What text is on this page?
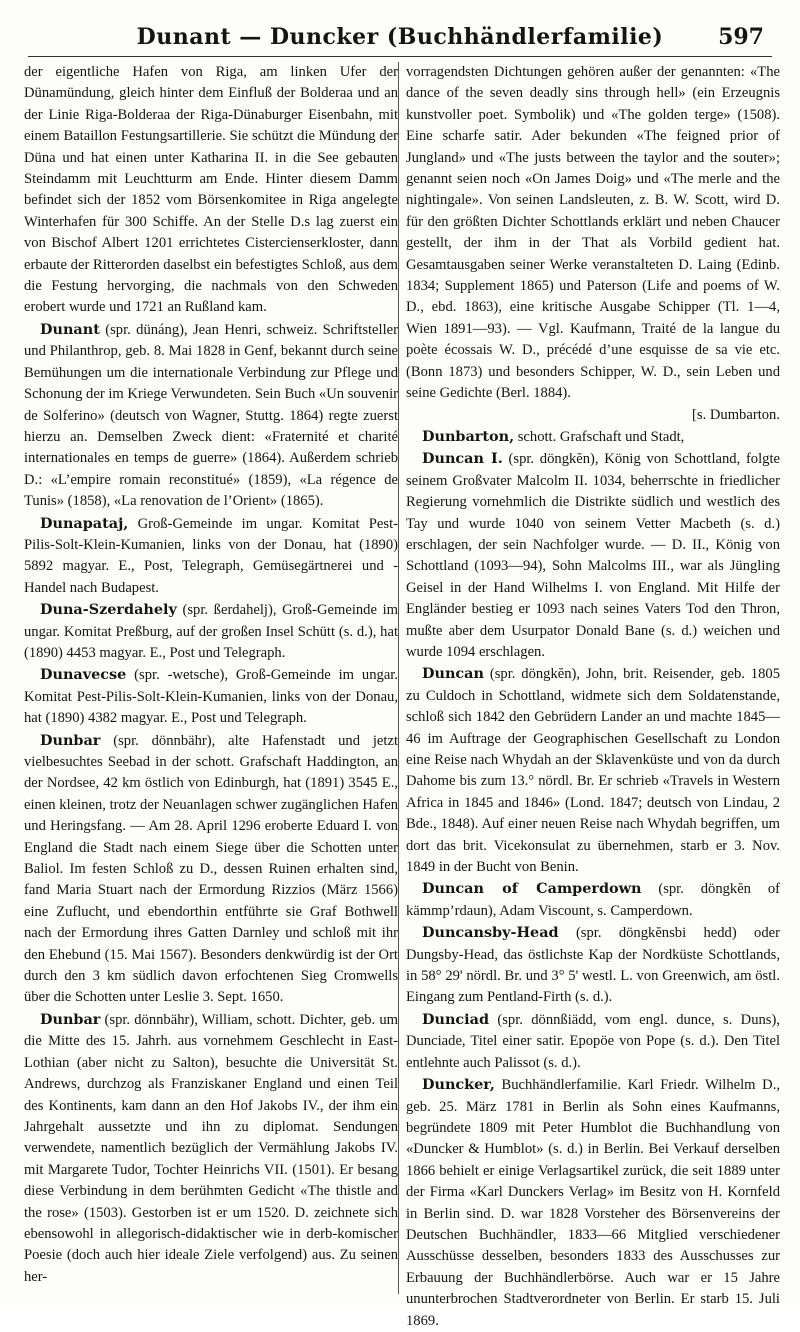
Dunant — Duncker (Buchhändlerfamilie)	597

der eigentliche Hafen von Riga, am linken Ufer der Dünamündung, gleich hinter dem Einfluß der Bolderaa und an der Linie Riga-Bolderaa der Riga-Dünaburger Eisenbahn, mit einem Bataillon Festungsartillerie. Sie schützt die Mündung der Düna und hat einen unter Katharina II. in die See gebauten Steindamm mit Leuchtturm am Ende. Hinter diesem Damm befindet sich der 1852 vom Börsenkomitee in Riga angelegte Winterhafen für 300 Schiffe. An der Stelle D.s lag zuerst ein von Bischof Albert 1201 errichtetes Cistercienserkloster, dann erbaute der Ritterorden daselbst ein befestigtes Schloß, aus dem die Festung hervorging, die nachmals von den Schweden erobert wurde und 1721 an Rußland kam.

Dunant (spr. dünáng), Jean Henri, schweiz. Schriftsteller und Philanthrop, geb. 8. Mai 1828 in Genf, bekannt durch seine Bemühungen um die internationale Verbindung zur Pflege und Schonung der im Kriege Verwundeten. Sein Buch «Un souvenir de Solferino» (deutsch von Wagner, Stuttg. 1864) regte zuerst hierzu an. Demselben Zweck dient: «Fraternité et charité internationales en temps de guerre» (1864). Außerdem schrieb D.: «L’empire romain reconstitué» (1859), «La régence de Tunis» (1858), «La renovation de l’Orient» (1865).

Dunapataj, Groß-Gemeinde im ungar. Komitat Pest-Pilis-Solt-Klein-Kumanien, links von der Donau, hat (1890) 5892 magyar. E., Post, Telegraph, Gemüsegärtnerei und -Handel nach Budapest.

Duna-Szerdahely (spr. ßerdahelj), Groß-Gemeinde im ungar. Komitat Preßburg, auf der großen Insel Schütt (s. d.), hat (1890) 4453 magyar. E., Post und Telegraph.

Dunavecse (spr. -wetsche), Groß-Gemeinde im ungar. Komitat Pest-Pilis-Solt-Klein-Kumanien, links von der Donau, hat (1890) 4382 magyar. E., Post und Telegraph.

Dunbar (spr. dönnbähr), alte Hafenstadt und jetzt vielbesuchtes Seebad in der schott. Grafschaft Haddington, an der Nordsee, 42 km östlich von Edinburgh, hat (1891) 3545 E., einen kleinen, trotz der Neuanlagen schwer zugänglichen Hafen und Heringsfang. — Am 28. April 1296 eroberte Eduard I. von England die Stadt nach einem Siege über die Schotten unter Baliol. Im festen Schloß zu D., dessen Ruinen erhalten sind, fand Maria Stuart nach der Ermordung Rizzios (März 1566) eine Zuflucht, und ebendorthin entführte sie Graf Bothwell nach der Ermordung ihres Gatten Darnley und schloß mit ihr den Ehebund (15. Mai 1567). Besonders denkwürdig ist der Ort durch den 3 km südlich davon erfochtenen Sieg Cromwells über die Schotten unter Leslie 3. Sept. 1650.

Dunbar (spr. dönnbähr), William, schott. Dichter, geb. um die Mitte des 15. Jahrh. aus vornehmem Geschlecht in East-Lothian (aber nicht zu Salton), besuchte die Universität St. Andrews, durchzog als Franziskaner England und einen Teil des Kontinents, kam dann an den Hof Jakobs IV., der ihm ein Jahrgehalt aussetzte und ihn zu diplomat. Sendungen verwendete, namentlich bezüglich der Vermählung Jakobs IV. mit Margarete Tudor, Tochter Heinrichs VII. (1501). Er besang diese Verbindung in dem berühmten Gedicht «The thistle and the rose» (1503). Gestorben ist er um 1520. D. zeichnete sich ebensowohl in allegorisch-didaktischer wie in derb-komischer Poesie (doch auch hier ideale Ziele verfolgend) aus. Zu seinen her-

vorragendsten Dichtungen gehören außer der genannten: «The dance of the seven deadly sins through hell» (ein Erzeugnis kunstvoller poet. Symbolik) und «The golden terge» (1508). Eine scharfe satir. Ader bekunden «The feigned prior of Jungland» und «The justs between the taylor and the souter»; genannt seien noch «On James Doig» und «The merle and the nightingale». Von seinen Landsleuten, z. B. W. Scott, wird D. für den größten Dichter Schottlands erklärt und neben Chaucer gestellt, der ihm in der That als Vorbild gedient hat. Gesamtausgaben seiner Werke veranstalteten D. Laing (Edinb. 1834; Supplement 1865) und Paterson (Life and poems of W. D., ebd. 1863), eine kritische Ausgabe Schipper (Tl. 1—4, Wien 1891—93). — Vgl. Kaufmann, Traité de la langue du poète écossais W. D., précédé d’une esquisse de sa vie etc. (Bonn 1873) und besonders Schipper, W. D., sein Leben und seine Gedichte (Berl. 1884).

[s. Dumbarton.

Dunbarton, schott. Grafschaft und Stadt,

Duncan I. (spr. döngkĕn), König von Schottland, folgte seinem Großvater Malcolm II. 1034, beherrschte in friedlicher Regierung vornehmlich die Distrikte südlich und westlich des Tay und wurde 1040 von seinem Vetter Macbeth (s. d.) erschlagen, der sein Nachfolger wurde. — D. II., König von Schottland (1093—94), Sohn Malcolms III., war als Jüngling Geisel in der Hand Wilhelms I. von England. Mit Hilfe der Engländer bestieg er 1093 nach seines Vaters Tod den Thron, mußte aber dem Usurpator Donald Bane (s. d.) weichen und wurde 1094 erschlagen.

Duncan (spr. döngkĕn), John, brit. Reisender, geb. 1805 zu Culdoch in Schottland, widmete sich dem Soldatenstande, schloß sich 1842 den Gebrüdern Lander an und machte 1845—46 im Auftrage der Geographischen Gesellschaft zu London eine Reise nach Whydah an der Sklavenküste und von da durch Dahome bis zum 13.° nördl. Br. Er schrieb «Travels in Western Africa in 1845 and 1846» (Lond. 1847; deutsch von Lindau, 2 Bde., 1848). Auf einer neuen Reise nach Whydah begriffen, um dort das brit. Vicekonsulat zu übernehmen, starb er 3. Nov. 1849 in der Bucht von Benin.

Duncan of Camperdown (spr. döngkĕn of kämmp’rdaun), Adam Viscount, s. Camperdown.

Duncansby-Head (spr. döngkĕnsbi hedd) oder Dungsby-Head, das östlichste Kap der Nordküste Schottlands, in 58° 29' nördl. Br. und 3° 5' westl. L. von Greenwich, am östl. Eingang zum Pentland-Firth (s. d.).

Dunciad (spr. dönnßiädd, vom engl. dunce, s. Duns), Dunciade, Titel einer satir. Epopöe von Pope (s. d.). Den Titel entlehnte auch Palissot (s. d.).

Duncker, Buchhändlerfamilie. Karl Friedr. Wilhelm D., geb. 25. März 1781 in Berlin als Sohn eines Kaufmanns, begründete 1809 mit Peter Humblot die Buchhandlung von «Duncker & Humblot» (s. d.) in Berlin. Bei Verkauf derselben 1866 behielt er einige Verlagsartikel zurück, die seit 1889 unter der Firma «Karl Dunckers Verlag» im Besitz von H. Kornfeld in Berlin sind. D. war 1828 Vorsteher des Börsenvereins der Deutschen Buchhändler, 1833—66 Mitglied verschiedener Ausschüsse desselben, besonders 1833 des Ausschusses zur Erbauung der Buchhändlerbörse. Auch war er 15 Jahre ununterbrochen Stadtverordneter von Berlin. Er starb 15. Juli 1869.
